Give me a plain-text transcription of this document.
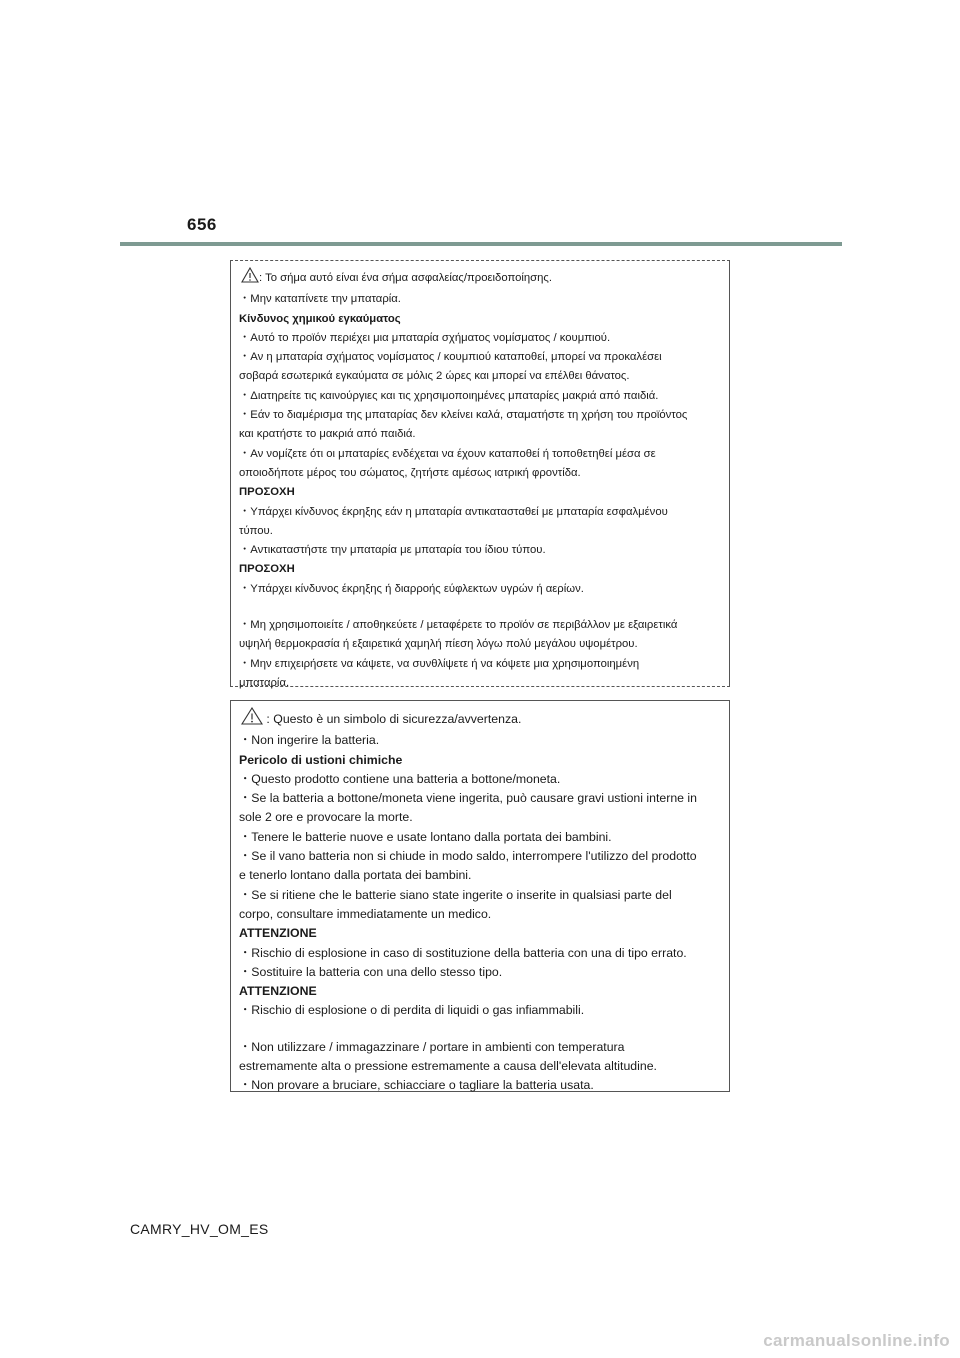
656
: Το σήμα αυτό είναι ένα σήμα ασφαλείας/προειδοποίησης.
・Μην καταπίνετε την μπαταρία.
Κίνδυνος χημικού εγκαύματος
・Αυτό το προϊόν περιέχει μια μπαταρία σχήματος νομίσματος / κουμπιού.
・Αν η μπαταρία σχήματος νομίσματος / κουμπιού καταποθεί, μπορεί να προκαλέσει
σοβαρά εσωτερικά εγκαύματα σε μόλις 2 ώρες και μπορεί να επέλθει θάνατος.
・Διατηρείτε τις καινούργιες και τις χρησιμοποιημένες μπαταρίες μακριά από παιδιά.
・Εάν το διαμέρισμα της μπαταρίας δεν κλείνει καλά, σταματήστε τη χρήση του προϊόντος
και κρατήστε το μακριά από παιδιά.
・Αν νομίζετε ότι οι μπαταρίες ενδέχεται να έχουν καταποθεί ή τοποθετηθεί μέσα σε
οποιοδήποτε μέρος του σώματος, ζητήστε αμέσως ιατρική φροντίδα.
ΠΡΟΣΟΧΗ
・Υπάρχει κίνδυνος έκρηξης εάν η μπαταρία αντικατασταθεί με μπαταρία εσφαλμένου
τύπου.
・Αντικαταστήστε την μπαταρία με μπαταρία του ίδιου τύπου.
ΠΡΟΣΟΧΗ
・Υπάρχει κίνδυνος έκρηξης ή διαρροής εύφλεκτων υγρών ή αερίων.
・Μη χρησιμοποιείτε / αποθηκεύετε / μεταφέρετε το προϊόν σε περιβάλλον με εξαιρετικά
υψηλή θερμοκρασία ή εξαιρετικά χαμηλή πίεση λόγω πολύ μεγάλου υψομέτρου.
・Μην επιχειρήσετε να κάψετε, να συνθλίψετε ή να κόψετε μια χρησιμοποιημένη
μπαταρία.
: Questo è un simbolo di sicurezza/avvertenza.
・Non ingerire la batteria.
Pericolo di ustioni chimiche
・Questo prodotto contiene una batteria a bottone/moneta.
・Se la batteria a bottone/moneta viene ingerita, può causare gravi ustioni interne in
sole 2 ore e provocare la morte.
・Tenere le batterie nuove e usate lontano dalla portata dei bambini.
・Se il vano batteria non si chiude in modo saldo, interrompere l'utilizzo del prodotto
e tenerlo lontano dalla portata dei bambini.
・Se si ritiene che le batterie siano state ingerite o inserite in qualsiasi parte del
corpo, consultare immediatamente un medico.
ATTENZIONE
・Rischio di esplosione in caso di sostituzione della batteria con una di tipo errato.
・Sostituire la batteria con una dello stesso tipo.
ATTENZIONE
・Rischio di esplosione o di perdita di liquidi o gas infiammabili.
・Non utilizzare / immagazzinare / portare in ambienti con temperatura
estremamente alta o pressione estremamente a causa dell'elevata altitudine.
・Non provare a bruciare, schiacciare o tagliare la batteria usata.
CAMRY_HV_OM_ES
carmanualsonline.info
